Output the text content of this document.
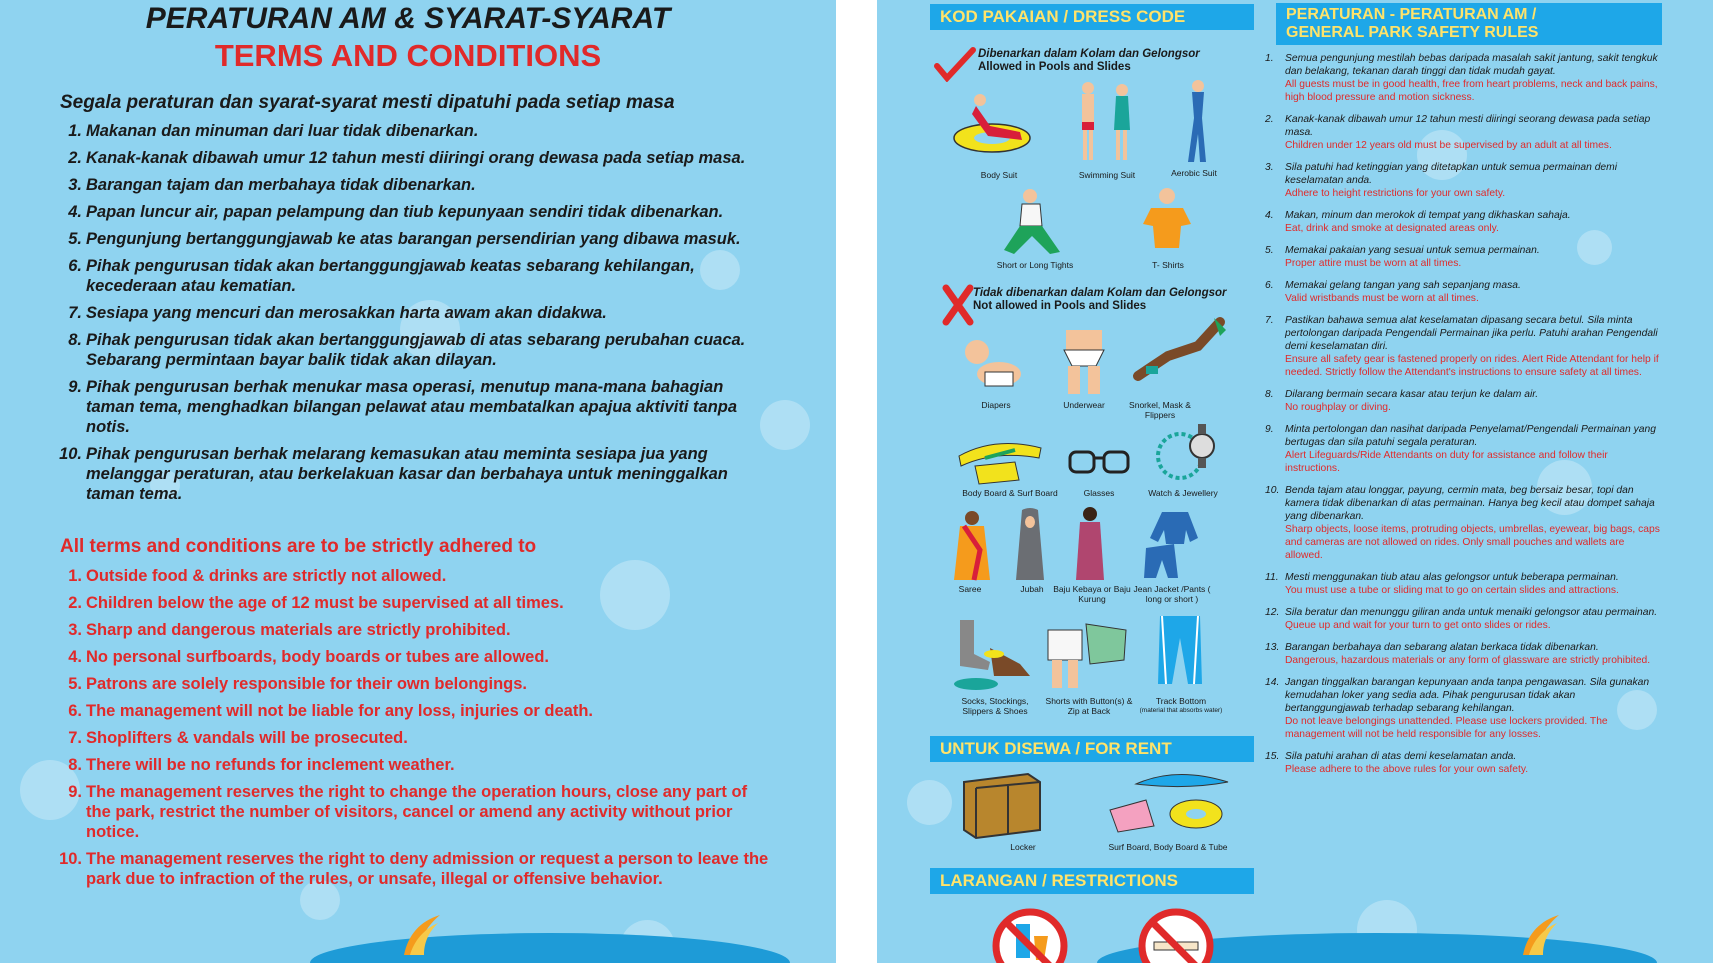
PERATURAN AM & SYARAT-SYARAT
TERMS AND CONDITIONS
Segala peraturan dan syarat-syarat mesti dipatuhi pada setiap masa
1. Makanan dan minuman dari luar tidak dibenarkan.
2. Kanak-kanak dibawah umur 12 tahun mesti diiringi orang dewasa pada setiap masa.
3. Barangan tajam dan merbahaya tidak dibenarkan.
4. Papan luncur air, papan pelampung dan tiub kepunyaan sendiri tidak dibenarkan.
5. Pengunjung bertanggungjawab ke atas barangan persendirian yang dibawa masuk.
6. Pihak pengurusan tidak akan bertanggungjawab keatas sebarang kehilangan, kecederaan atau kematian.
7. Sesiapa yang mencuri dan merosakkan harta awam akan didakwa.
8. Pihak pengurusan tidak akan bertanggungjawab di atas sebarang perubahan cuaca. Sebarang permintaan bayar balik tidak akan dilayan.
9. Pihak pengurusan berhak menukar masa operasi, menutup mana-mana bahagian taman tema, menghadkan bilangan pelawat atau membatalkan apajua aktiviti tanpa notis.
10. Pihak pengurusan berhak melarang kemasukan atau meminta sesiapa jua yang melanggar peraturan, atau berkelakuan kasar dan berbahaya untuk meninggalkan taman tema.
All terms and conditions are to be strictly adhered to
1. Outside food & drinks are strictly not allowed.
2. Children below the age of 12 must be supervised at all times.
3. Sharp and dangerous materials are strictly prohibited.
4. No personal surfboards, body boards or tubes are allowed.
5. Patrons are solely responsible for their own belongings.
6. The management will not be liable for any loss, injuries or death.
7. Shoplifters & vandals will be prosecuted.
8. There will be no refunds for inclement weather.
9. The management reserves the right to change the operation hours, close any part of the park, restrict the number of visitors, cancel or amend any activity without prior notice.
10. The management reserves the right to deny admission or request a person to leave the park due to infraction of the rules, or unsafe, illegal or offensive behavior.
KOD PAKAIAN / DRESS CODE
Dibenarkan dalam Kolam dan Gelongsor
Allowed in Pools and Slides
Body Suit	Swimming Suit	Aerobic Suit
Short or Long Tights	T- Shirts
Tidak dibenarkan dalam Kolam dan Gelongsor
Not allowed in Pools and Slides
Diapers	Underwear	Snorkel, Mask & Flippers
Body Board & Surf Board	Glasses	Watch & Jewellery
Saree	Jubah	Baju Kebaya or Baju Kurung
Jean Jacket /Pants ( long or short )
Socks, Stockings, Slippers & Shoes
Shorts with Button(s) & Zip at Back
Track Bottom
(material that absorbs water)
UNTUK DISEWA / FOR RENT
Locker	Surf Board, Body Board & Tube
LARANGAN / RESTRICTIONS
PERATURAN - PERATURAN AM /
GENERAL PARK SAFETY RULES
1. Semua pengunjung mestilah bebas daripada masalah sakit jantung, sakit tengkuk dan belakang, tekanan darah tinggi dan tidak mudah gayat.
All guests must be in good health, free from heart problems, neck and back pains, high blood pressure and motion sickness.
2. Kanak-kanak dibawah umur 12 tahun mesti diiringi seorang dewasa pada setiap masa.
Children under 12 years old must be supervised by an adult at all times.
3. Sila patuhi had ketinggian yang ditetapkan untuk semua permainan demi keselamatan anda.
Adhere to height restrictions for your own safety.
4. Makan, minum dan merokok di tempat yang dikhaskan sahaja.
Eat, drink and smoke at designated areas only.
5. Memakai pakaian yang sesuai untuk semua permainan.
Proper attire must be worn at all times.
6. Memakai gelang tangan yang sah sepanjang masa.
Valid wristbands must be worn at all times.
7. Pastikan bahawa semua alat keselamatan dipasang secara betul. Sila minta pertolongan daripada Pengendali Permainan jika perlu. Patuhi arahan Pengendali demi keselamatan diri.
Ensure all safety gear is fastened properly on rides. Alert Ride Attendant for help if needed. Strictly follow the Attendant's instructions to ensure safety at all times.
8. Dilarang bermain secara kasar atau terjun ke dalam air.
No roughplay or diving.
9. Minta pertolongan dan nasihat daripada Penyelamat/Pengendali Permainan yang bertugas dan sila patuhi segala peraturan.
Alert Lifeguards/Ride Attendants on duty for assistance and follow their instructions.
10. Benda tajam atau longgar, payung, cermin mata, beg bersaiz besar, topi dan kamera tidak dibenarkan di atas permainan. Hanya beg kecil atau dompet sahaja yang dibenarkan.
Sharp objects, loose items, protruding objects, umbrellas, eyewear, big bags, caps and cameras are not allowed on rides. Only small pouches and wallets are allowed.
11. Mesti menggunakan tiub atau alas gelongsor untuk beberapa permainan.
You must use a tube or sliding mat to go on certain slides and attractions.
12. Sila beratur dan menunggu giliran anda untuk menaiki gelongsor atau permainan.
Queue up and wait for your turn to get onto slides or rides.
13. Barangan berbahaya dan sebarang alatan berkaca tidak dibenarkan.
Dangerous, hazardous materials or any form of glassware are strictly prohibited.
14. Jangan tinggalkan barangan kepunyaan anda tanpa pengawasan. Sila gunakan kemudahan loker yang sedia ada. Pihak pengurusan tidak akan bertanggungjawab terhadap sebarang kehilangan.
Do not leave belongings unattended. Please use lockers provided. The management will not be held responsible for any losses.
15. Sila patuhi arahan di atas demi keselamatan anda.
Please adhere to the above rules for your own safety.
